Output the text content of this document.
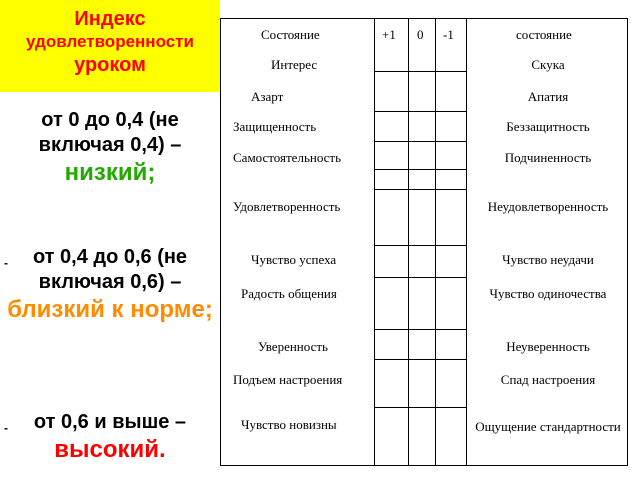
Индекс
удовлетворенности
уроком
от 0 до 0,4 (не включая 0,4) –
низкий;
- от 0,4 до 0,6 (не включая 0,6) – близкий к норме;
- от 0,6 и выше – высокий.
Состояние	+1 0 -1	состояние
Интерес	Скука
Азарт	Апатия
Защищенность	Беззащитность
Самостоятельность	Подчиненность
Удовлетворенность	Неудовлетворенность
Чувство успеха	Чувство неудачи
Радость общения	Чувство одиночества
Уверенность	Неуверенность
Подъем настроения	Спад настроения
Чувство новизны	Ощущение стандартности
